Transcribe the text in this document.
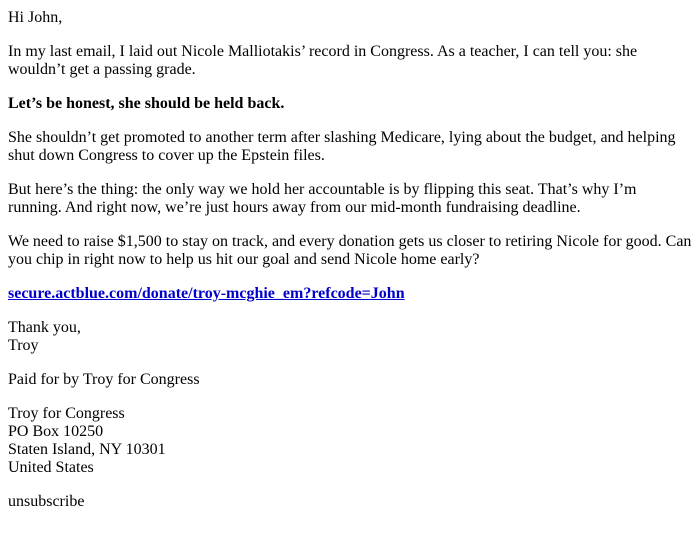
Hi John,

In my last email, I laid out Nicole Malliotakis’ record in Congress. As a teacher, I can tell you: she wouldn’t get a passing grade.

Let’s be honest, she should be held back.

She shouldn’t get promoted to another term after slashing Medicare, lying about the budget, and helping shut down Congress to cover up the Epstein files.

But here’s the thing: the only way we hold her accountable is by flipping this seat. That’s why I’m running. And right now, we’re just hours away from our mid-month fundraising deadline.

We need to raise $1,500 to stay on track, and every donation gets us closer to retiring Nicole for good. Can you chip in right now to help us hit our goal and send Nicole home early?

secure.actblue.com/donate/troy-mcghie_em?refcode=John

Thank you,
Troy

Paid for by Troy for Congress

Troy for Congress
PO Box 10250
Staten Island, NY 10301
United States

unsubscribe
